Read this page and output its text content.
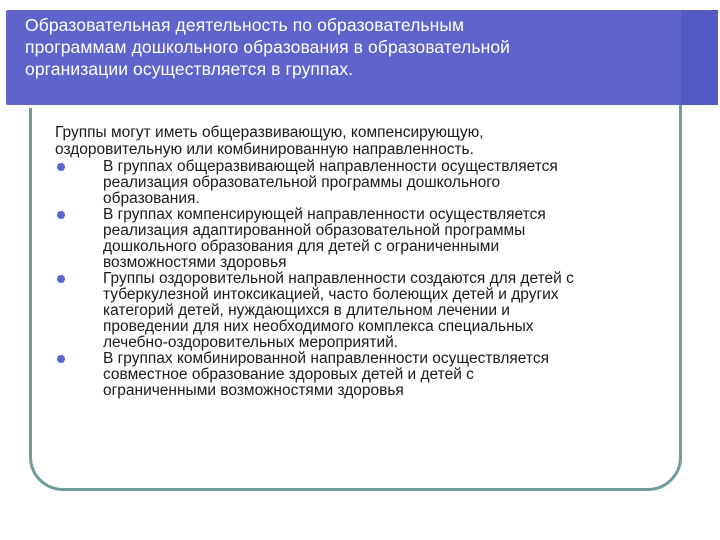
Образовательная деятельность по образовательным
программам дошкольного образования в образовательной
организации осуществляется в группах.
Группы могут иметь общеразвивающую, компенсирующую,
оздоровительную или комбинированную направленность.
В группах общеразвивающей направленности осуществляется
реализация образовательной программы дошкольного
образования.
В группах компенсирующей направленности осуществляется
реализация адаптированной образовательной программы
дошкольного образования для детей с ограниченными
возможностями здоровья
Группы оздоровительной направленности создаются для детей с
туберкулезной интоксикацией, часто болеющих детей и других
категорий детей, нуждающихся в длительном лечении и
проведении для них необходимого комплекса специальных
лечебно-оздоровительных мероприятий.
В группах комбинированной направленности осуществляется
совместное образование здоровых детей и детей с
ограниченными возможностями здоровья
